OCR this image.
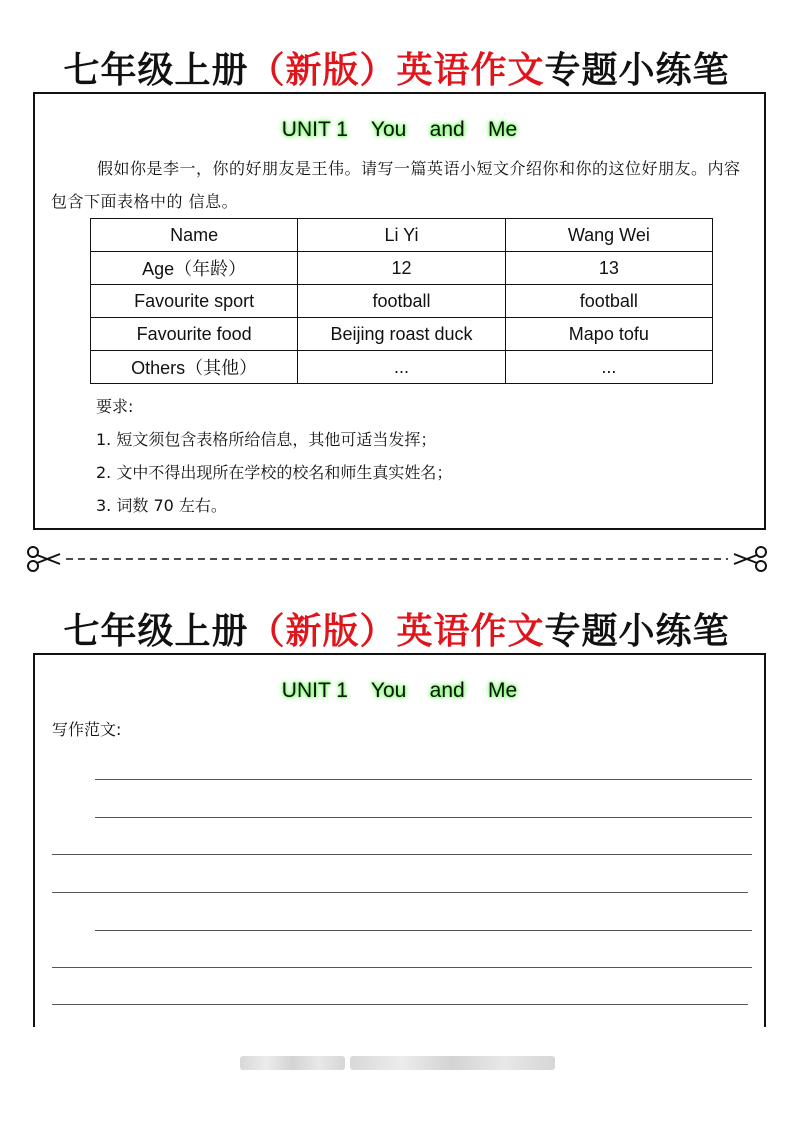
七年级上册（新版）英语作文专题小练笔
UNIT 1    You    and    Me
假如你是李一，你的好朋友是王伟。请写一篇英语小短文介绍你和你的这位好朋友。内容包含下面表格中的 信息。
Name	Li Yi	Wang Wei
Age（年龄）	12	13
Favourite sport	football	football
Favourite food	Beijing roast duck	Mapo tofu
Others（其他）	...	...
要求:
1. 短文须包含表格所给信息，其他可适当发挥；
2. 文中不得出现所在学校的校名和师生真实姓名；
3. 词数 70 左右。
七年级上册（新版）英语作文专题小练笔
UNIT 1    You    and    Me
写作范文:
